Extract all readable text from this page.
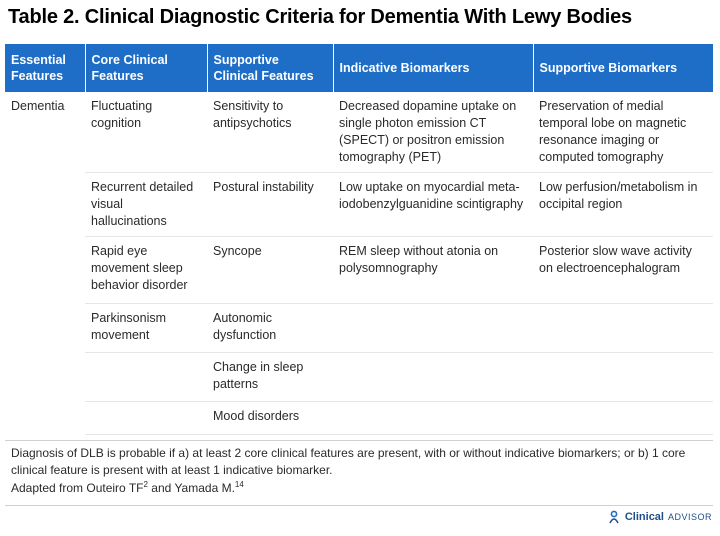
Table 2. Clinical Diagnostic Criteria for Dementia With Lewy Bodies
Essential Features	Core Clinical Features	Supportive Clinical Features	Indicative Biomarkers	Supportive Biomarkers
Dementia	Fluctuating cognition	Sensitivity to antipsychotics	Decreased dopamine uptake on single photon emission CT (SPECT) or positron emission tomography (PET)	Preservation of medial temporal lobe on magnetic resonance imaging or computed tomography
	Recurrent detailed visual hallucinations	Postural instability	Low uptake on myocardial meta-iodobenzylguanidine scintigraphy	Low perfusion/metabolism in occipital region
	Rapid eye movement sleep behavior disorder	Syncope	REM sleep without atonia on polysomnography	Posterior slow wave activity on electroencephalogram
	Parkinsonism movement	Autonomic dysfunction		
		Change in sleep patterns		
		Mood disorders		
Diagnosis of DLB is probable if a) at least 2 core clinical features are present, with or without indicative biomarkers; or b) 1 core clinical feature is present with at least 1 indicative biomarker.
Adapted from Outeiro $TF^2$ and Yamada M.$^{14}$
Clinical ADVISOR
